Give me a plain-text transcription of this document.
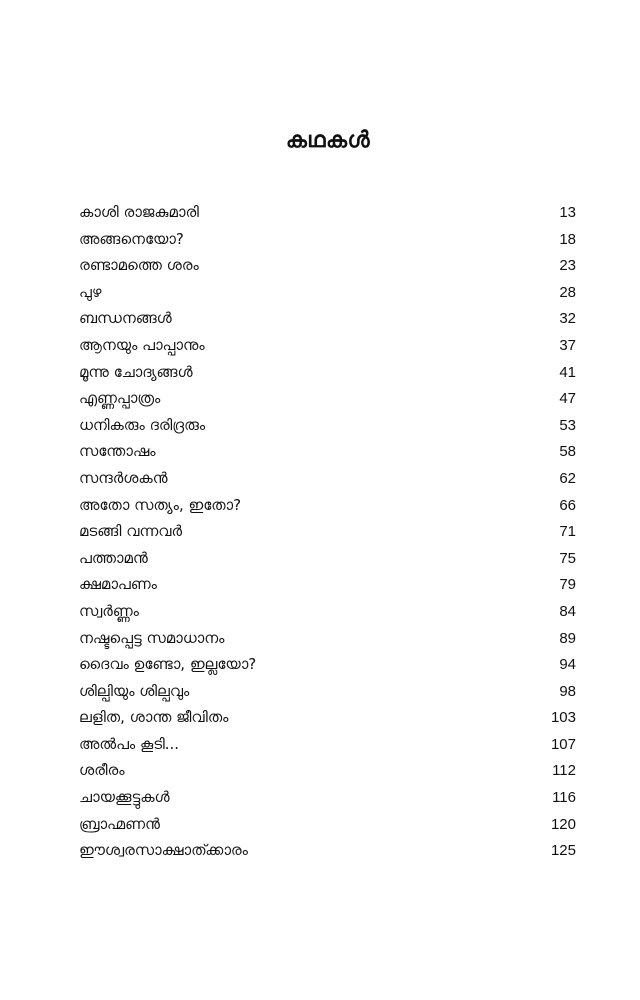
കഥകൾ
കാശി രാജകുമാരി	13
അങ്ങനെയോ?	18
രണ്ടാമത്തെ ശരം	23
പുഴ	28
ബന്ധനങ്ങൾ	32
ആനയും പാപ്പാനും	37
മൂന്നു ചോദ്യങ്ങൾ	41
എണ്ണപ്പാത്രം	47
ധനികരും ദരിദ്രരും	53
സന്തോഷം	58
സന്ദർശകൻ	62
അതോ സത്യം, ഇതോ?	66
മടങ്ങി വന്നവർ	71
പത്താമൻ	75
ക്ഷമാപണം	79
സ്വർണ്ണം	84
നഷ്ടപ്പെട്ട സമാധാനം	89
ദൈവം ഉണ്ടോ, ഇല്ലയോ?	94
ശില്പിയും ശില്പവും	98
ലളിത, ശാന്ത ജീവിതം	103
അൽപം കൂടി...	107
ശരീരം	112
ചായക്കൂട്ടുകൾ	116
ബ്രാഹ്മണൻ	120
ഈശ്വരസാക്ഷാത്ക്കാരം	125
